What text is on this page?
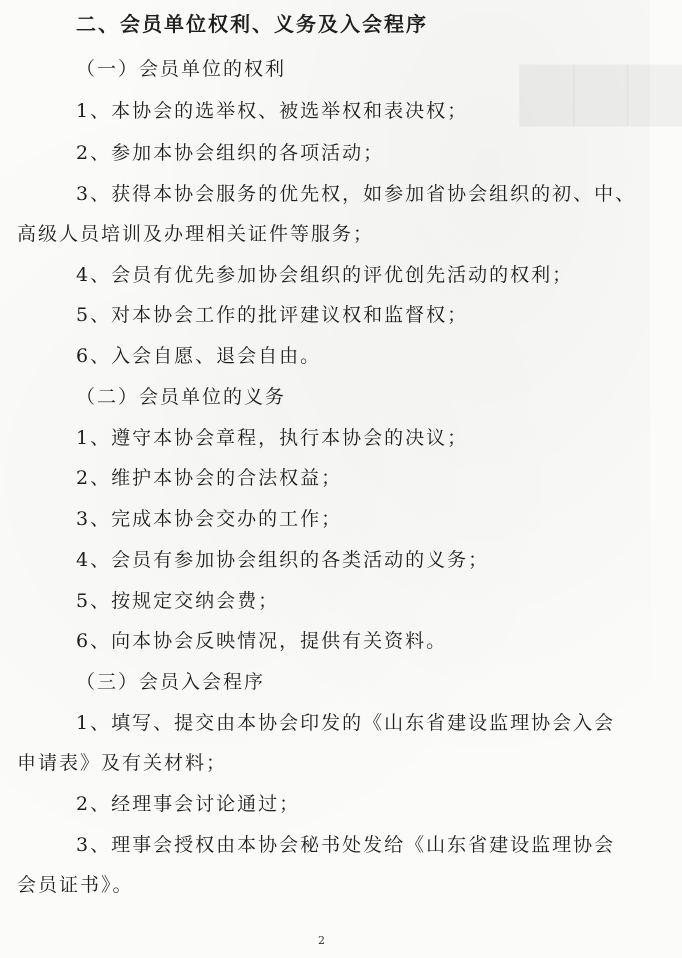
▆▆▆
二、会员单位权利、义务及入会程序
（一）会员单位的权利
1、本协会的选举权、被选举权和表决权；
2、参加本协会组织的各项活动；
3、获得本协会服务的优先权，如参加省协会组织的初、中、
高级人员培训及办理相关证件等服务；
4、会员有优先参加协会组织的评优创先活动的权利；
5、对本协会工作的批评建议权和监督权；
6、入会自愿、退会自由。
（二）会员单位的义务
1、遵守本协会章程，执行本协会的决议；
2、维护本协会的合法权益；
3、完成本协会交办的工作；
4、会员有参加协会组织的各类活动的义务；
5、按规定交纳会费；
6、向本协会反映情况，提供有关资料。
（三）会员入会程序
1、填写、提交由本协会印发的《山东省建设监理协会入会
申请表》及有关材料；
2、经理事会讨论通过；
3、理事会授权由本协会秘书处发给《山东省建设监理协会
会员证书》。
2
